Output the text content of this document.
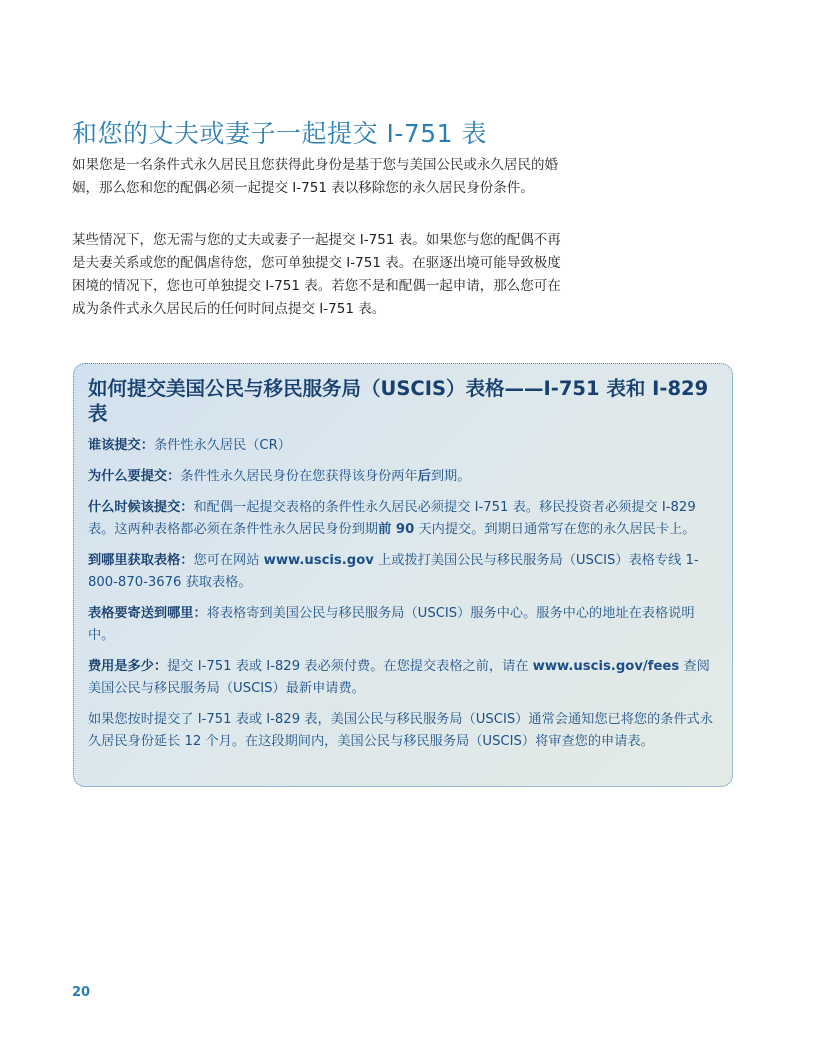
和您的丈夫或妻子一起提交 I-751 表

如果您是一名条件式永久居民且您获得此身份是基于您与美国公民或永久居民的婚姻，那么您和您的配偶必须一起提交 I-751 表以移除您的永久居民身份条件。

某些情况下，您无需与您的丈夫或妻子一起提交 I-751 表。如果您与您的配偶不再是夫妻关系或您的配偶虐待您，您可单独提交 I-751 表。在驱逐出境可能导致极度困境的情况下，您也可单独提交 I-751 表。若您不是和配偶一起申请，那么您可在成为条件式永久居民后的任何时间点提交 I-751 表。

如何提交美国公民与移民服务局（USCIS）表格——I-751 表和 I-829 表

谁该提交：条件性永久居民（CR）

为什么要提交：条件性永久居民身份在您获得该身份两年后到期。

什么时候该提交：和配偶一起提交表格的条件性永久居民必须提交 I-751 表。移民投资者必须提交 I-829 表。这两种表格都必须在条件性永久居民身份到期前 90 天内提交。到期日通常写在您的永久居民卡上。

到哪里获取表格：您可在网站 www.uscis.gov 上或拨打美国公民与移民服务局（USCIS）表格专线 1-800-870-3676 获取表格。

表格要寄送到哪里：将表格寄到美国公民与移民服务局（USCIS）服务中心。服务中心的地址在表格说明中。

费用是多少：提交 I-751 表或 I-829 表必须付费。在您提交表格之前，请在 www.uscis.gov/fees 查阅美国公民与移民服务局（USCIS）最新申请费。

如果您按时提交了 I-751 表或 I-829 表，美国公民与移民服务局（USCIS）通常会通知您已将您的条件式永久居民身份延长 12 个月。在这段期间内，美国公民与移民服务局（USCIS）将审查您的申请表。

20
